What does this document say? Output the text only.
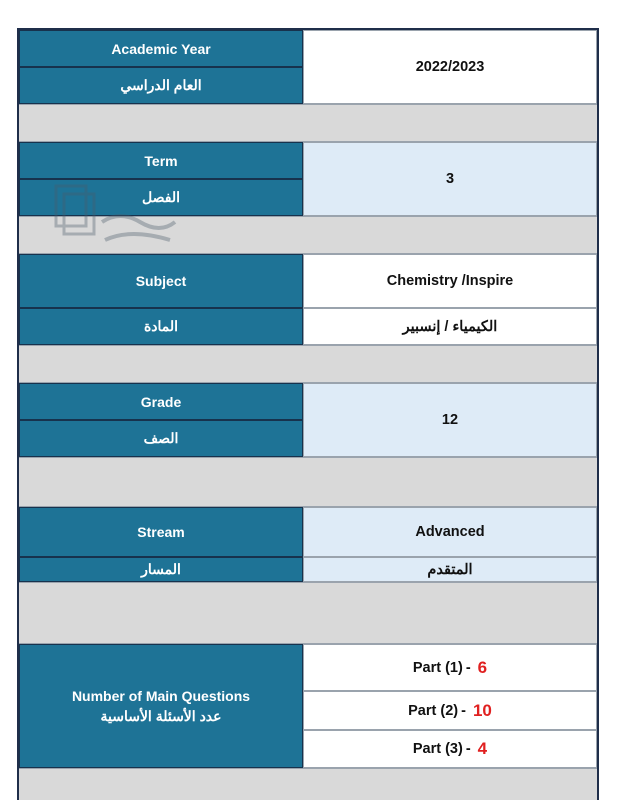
Academic Year
العام الدراسي
2022/2023
Term
الفصل
3
Subject
المادة
Chemistry /Inspire
الكيمياء / إنسبير
Grade
الصف
12
Stream
المسار
Advanced
المتقدم
Number of Main Questions
عدد الأسئلة الأساسية
Part (1) - 6
Part (2) - 10
Part (3) - 4
